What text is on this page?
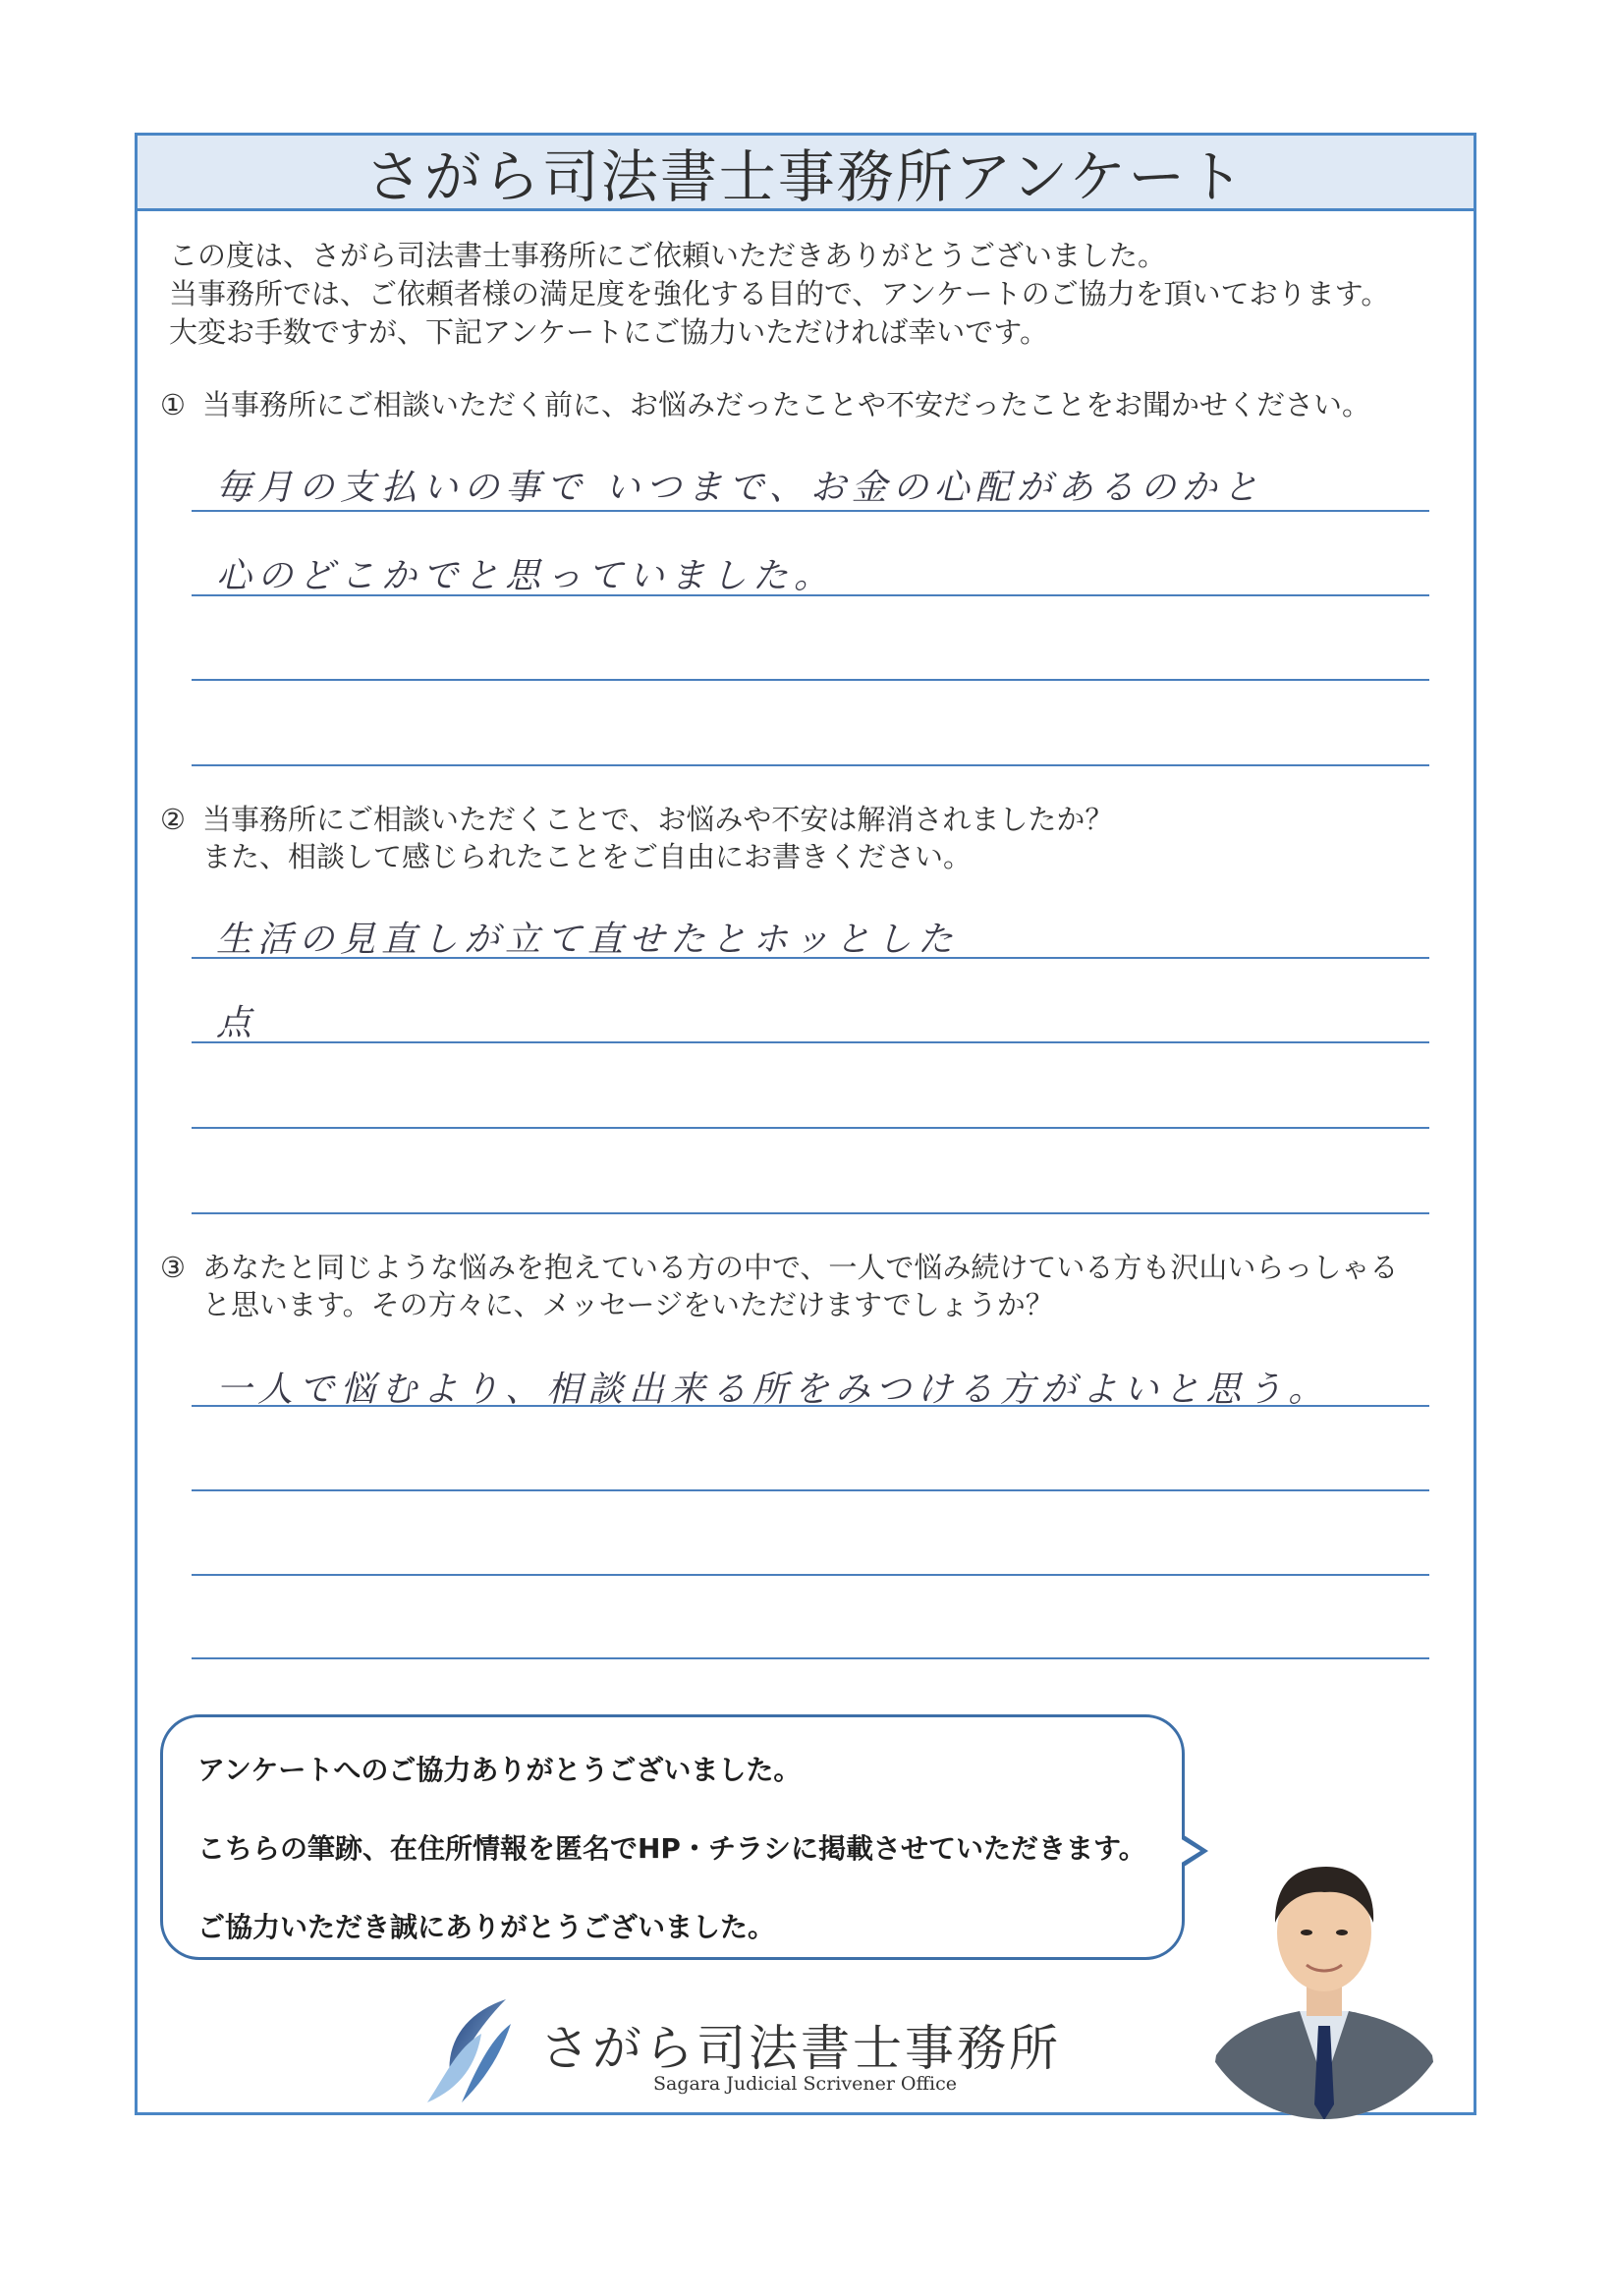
さがら司法書士事務所アンケート
この度は、さがら司法書士事務所にご依頼いただきありがとうございました。
当事務所では、ご依頼者様の満足度を強化する目的で、アンケートのご協力を頂いております。
大変お手数ですが、下記アンケートにご協力いただければ幸いです。
① 当事務所にご相談いただく前に、お悩みだったことや不安だったことをお聞かせください。
毎月の支払いの事で いつまで、お金の心配があるのかと
心のどこかでと思っていました。
② 当事務所にご相談いただくことで、お悩みや不安は解消されましたか？
また、相談して感じられたことをご自由にお書きください。
生活の見直しが立て直せたとホッとした
点
③ あなたと同じような悩みを抱えている方の中で、一人で悩み続けている方も沢山いらっしゃる
と思います。その方々に、メッセージをいただけますでしょうか？
一人で悩むより、相談出来る所をみつける方がよいと思う。
アンケートへのご協力ありがとうございました。
こちらの筆跡、在住所情報を匿名でHP・チラシに掲載させていただきます。
ご協力いただき誠にありがとうございました。
さがら司法書士事務所
Sagara Judicial Scrivener Office
